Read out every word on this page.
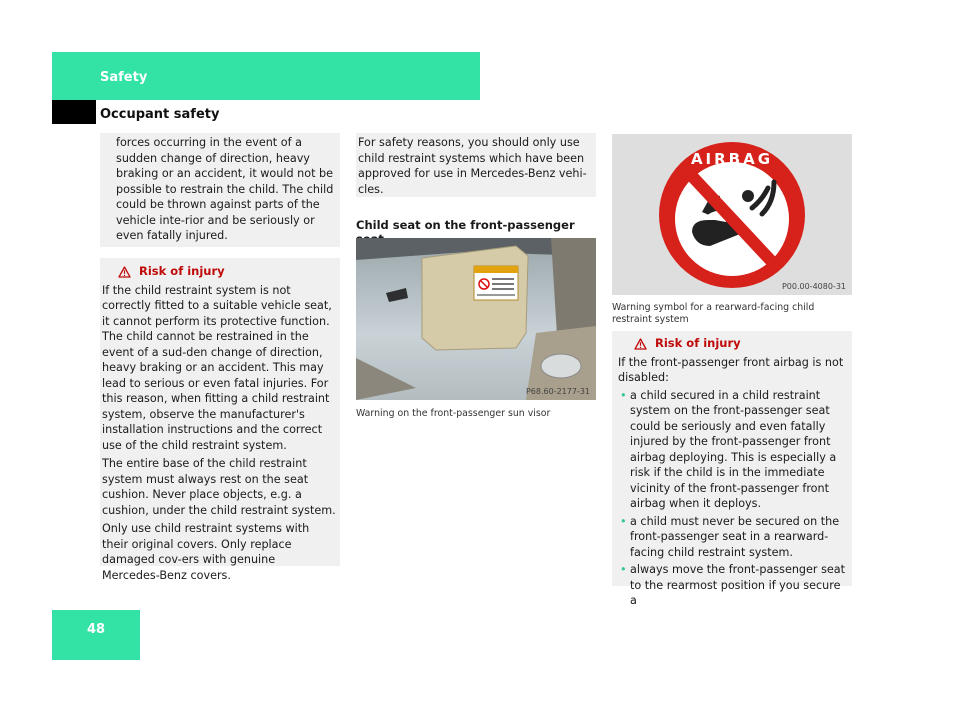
Safety
Occupant safety

forces occurring in the event of a sudden change of direction, heavy braking or an accident, it would not be possible to restrain the child. The child could be thrown against parts of the vehicle inte-rior and be seriously or even fatally injured.

Risk of injury

If the child restraint system is not correctly fitted to a suitable vehicle seat, it cannot perform its protective function. The child cannot be restrained in the event of a sud-den change of direction, heavy braking or an accident. This may lead to serious or even fatal injuries. For this reason, when fitting a child restraint system, observe the manufacturer's installation instructions and the correct use of the child restraint system.

The entire base of the child restraint system must always rest on the seat cushion. Never place objects, e.g. a cushion, under the child restraint system.

Only use child restraint systems with their original covers. Only replace damaged cov-ers with genuine Mercedes-Benz covers.

For safety reasons, you should only use child restraint systems which have been approved for use in Mercedes-Benz vehi-cles.

Child seat on the front-passenger
P68.60-2177-31
Warning on the front-passenger sun visor
AIRBAG
P00.00-4080-31
Warning symbol for a rearward-facing child restraint system
Risk of injury

If the front-passenger front airbag is not disabled:

• a child secured in a child restraint system on the front-passenger seat could be seriously and even fatally injured by the front-passenger front airbag deploying. This is especially a risk if the child is in the immediate vicinity of the front-passenger front airbag when it deploys.
• a child must never be secured on the front-passenger seat in a rearward-facing child restraint system.
• always move the front-passenger seat to the rearmost position if you secure a
48
